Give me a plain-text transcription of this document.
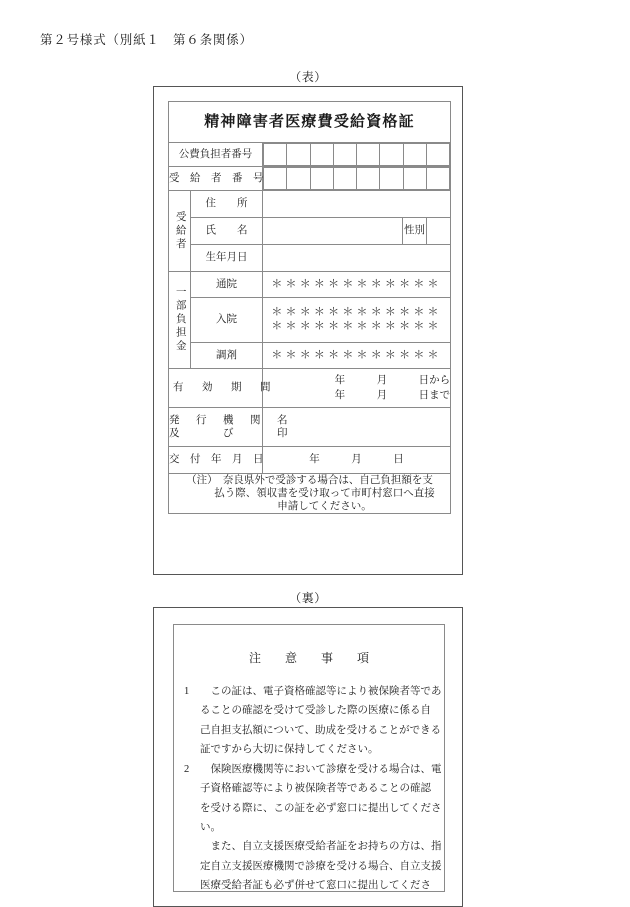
第２号様式（別紙１　第６条関係）
（表）
精神障害者医療費受給資格証
公費負担者番号	

受　給　者　番　号	

受給者
	住　　所	
氏　　名		性別	
生年月日	

一部負担金
	通院	＊＊＊＊＊＊＊＊＊＊＊＊
入院	
＊＊＊＊＊＊＊＊＊＊＊＊
＊＊＊＊＊＊＊＊＊＊＊＊

調剤	＊＊＊＊＊＊＊＊＊＊＊＊
有　効　期　間	
年　　　月　　　日から
年　　　月　　　日まで

発　行　機　関　名
及　　　び　　　印

交　付　年　月　日	年　　　月　　　日

（注）　奈良県外で受診する場合は、自己負担額を支
払う際、領収書を受け取って市町村窓口へ直接
申請してください。
（裏）
注　意　事　項
1	　この証は、電子資格確認等により被保険者等であ
ることの確認を受けて受診した際の医療に係る自
己自担支払額について、助成を受けることができる
証ですから大切に保持してください。
2	　保険医療機関等において診療を受ける場合は、電
子資格確認等により被保険者等であることの確認
を受ける際に、この証を必ず窓口に提出してくださ
い。
　また、自立支援医療受給者証をお持ちの方は、指
定自立支援医療機関で診療を受ける場合、自立支援
医療受給者証も必ず併せて窓口に提出してくださ
